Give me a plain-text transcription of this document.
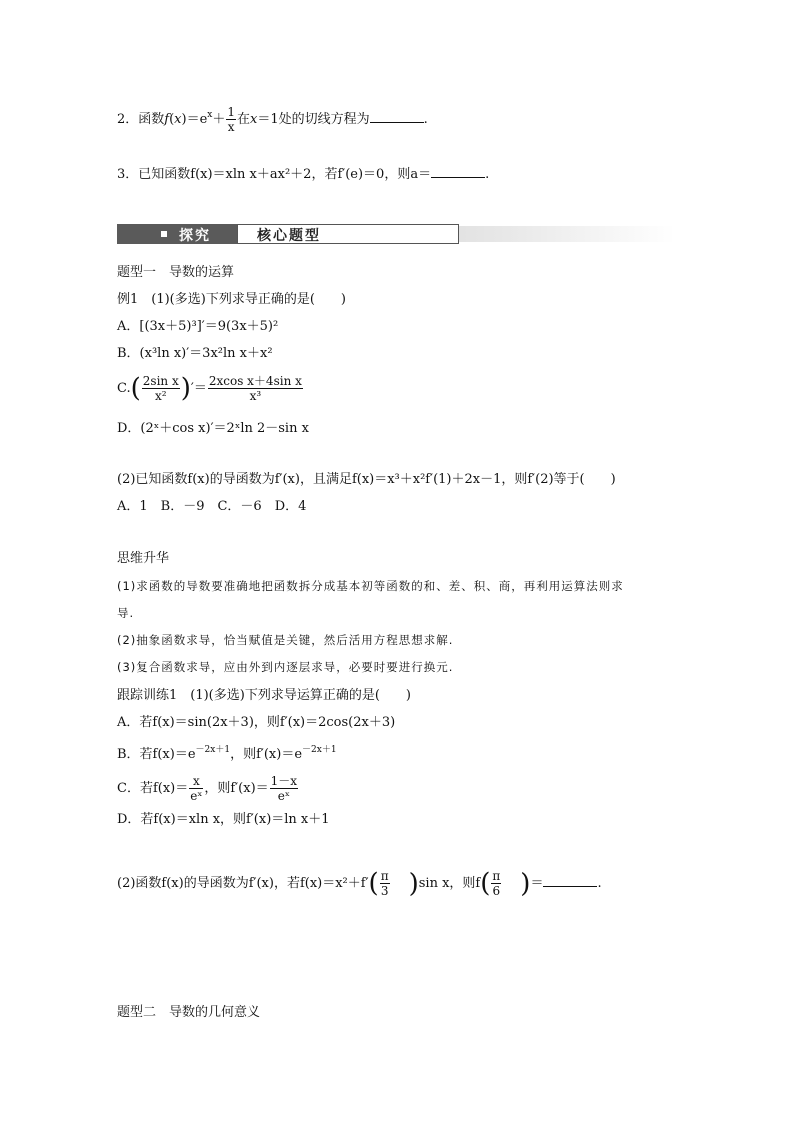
2．函数$f(x)=e^x+ \frac{1}{x}$ 在x＝1处的切线方程为	.
3．已知函数f(x)＝xln x＋ax²＋2，若f′(e)＝0，则a＝	.
探究	核心题型
题型一　导数的运算
例1　(1)(多选)下列求导正确的是(　　)
A．[(3x＋5)³]′＝9(3x＋5)²
B．(x³ln x)′＝3x²ln x＋x²
$C.( \frac{\text{2sin x}}{\text{x²}}$ )′＝ $\frac{\text{2xcos x＋4sin x}}{\text{x³}}$
D．(2ˣ＋cos x)′＝2ˣln 2－sin x
(2)已知函数f(x)的导函数为f′(x)，且满足f(x)＝x³＋x²f′(1)＋2x－1，则f′(2)等于(　　)
A．1　B．－9　C．－6　D．4
思维升华
(1)求函数的导数要准确地把函数拆分成基本初等函数的和、差、积、商，再利用运算法则求
导.
(2)抽象函数求导，恰当赋值是关键，然后活用方程思想求解.
(3)复合函数求导，应由外到内逐层求导，必要时要进行换元.
跟踪训练1　(1)(多选)下列求导运算正确的是(　　)
A．若f(x)＝sin(2x＋3)，则f′(x)＝2cos(2x＋3)
B．若$f(x)=e^{-2x+1}$，则$f'(x)=e^{-2x+1}$
C．若$f(x)= \frac{x}{\text{eˣ}}$ ，则$f'(x)= \frac{1-x}{\text{eˣ}}$
D．若f(x)＝xln x，则f′(x)＝ln x＋1
(2)函数f(x)的导函数为f′(x)，若$f(x)=x^2+f'( \frac{\pi}{3} )\sin$ x，则$f( \frac{\pi}{6}$ )＝	.
题型二　导数的几何意义
